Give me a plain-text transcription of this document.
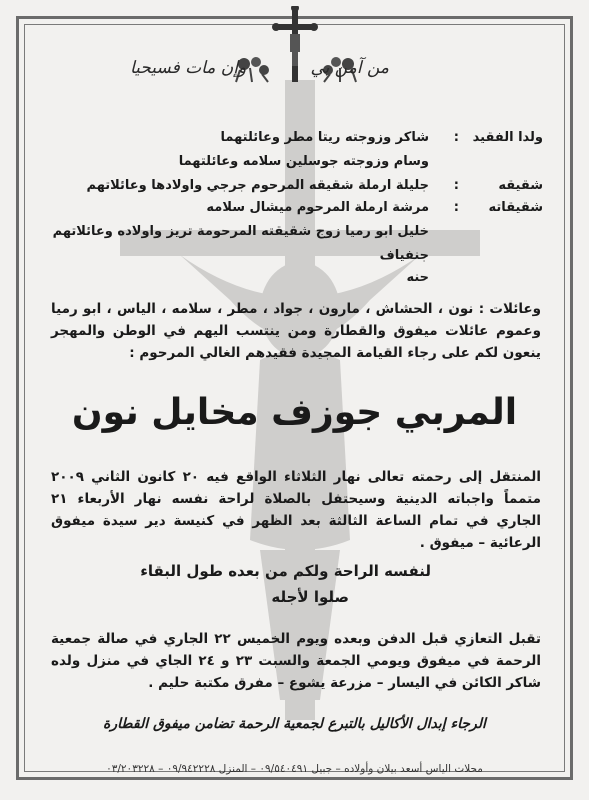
من آمن بي
وإن مات فسيحيا
ولدا الفقيد
:
شاكر وزوجته ريتا مطر وعائلتهما
وسام وزوجته جوسلين سلامه وعائلتهما
شقيقه
:
جليلة ارملة شقيقه المرحوم جرجي واولادها وعائلاتهم
شقيقاته
:
مرشة ارملة المرحوم ميشال سلامه
خليل ابو رميا زوج شقيقته المرحومة تريز واولاده وعائلاتهم
جنفياف
حنه

وعائلات : نون ، الحشاش ، مارون ، جواد ، مطر ، سلامه ، الياس ، ابو رميا وعموم عائلات ميفوق والقطارة ومن ينتسب اليهم في الوطن والمهجر ينعون لكم على رجاء القيامة المجيدة فقيدهم الغالي المرحوم :

المربي جوزف مخايل نون

المنتقل إلى رحمته تعالى نهار الثلاثاء الواقع فيه ٢٠ كانون الثاني ٢٠٠٩ متمماً واجباته الدينية وسيحتفل بالصلاة لراحة نفسه نهار الأربعاء ٢١ الجاري في تمام الساعة الثالثة بعد الظهر في كنيسة دير سيدة ميفوق الرعائية – ميفوق .

لنفسه الراحة ولكم من بعده طول البقاء
صلوا لأجله

تقبل التعازي قبل الدفن وبعده ويوم الخميس ٢٢ الجاري في صالة جمعية الرحمة في ميفوق ويومي الجمعة والسبت ٢٣ و ٢٤ الجاي في منزل ولده شاكر الكائن في اليسار – مزرعة يشوع – مفرق مكتبة حليم .

الرجاء إبدال الأكاليل بالتبرع لجمعية الرحمة تضامن ميفوق القطارة
محلات الياس أسعد بيلان وأولاده – جبيل ٠٩/٥٤٠٤٩١ – المنزل ٠٩/٩٤٢٢٢٨ – ٠٣/٢٠٣٢٢٨
